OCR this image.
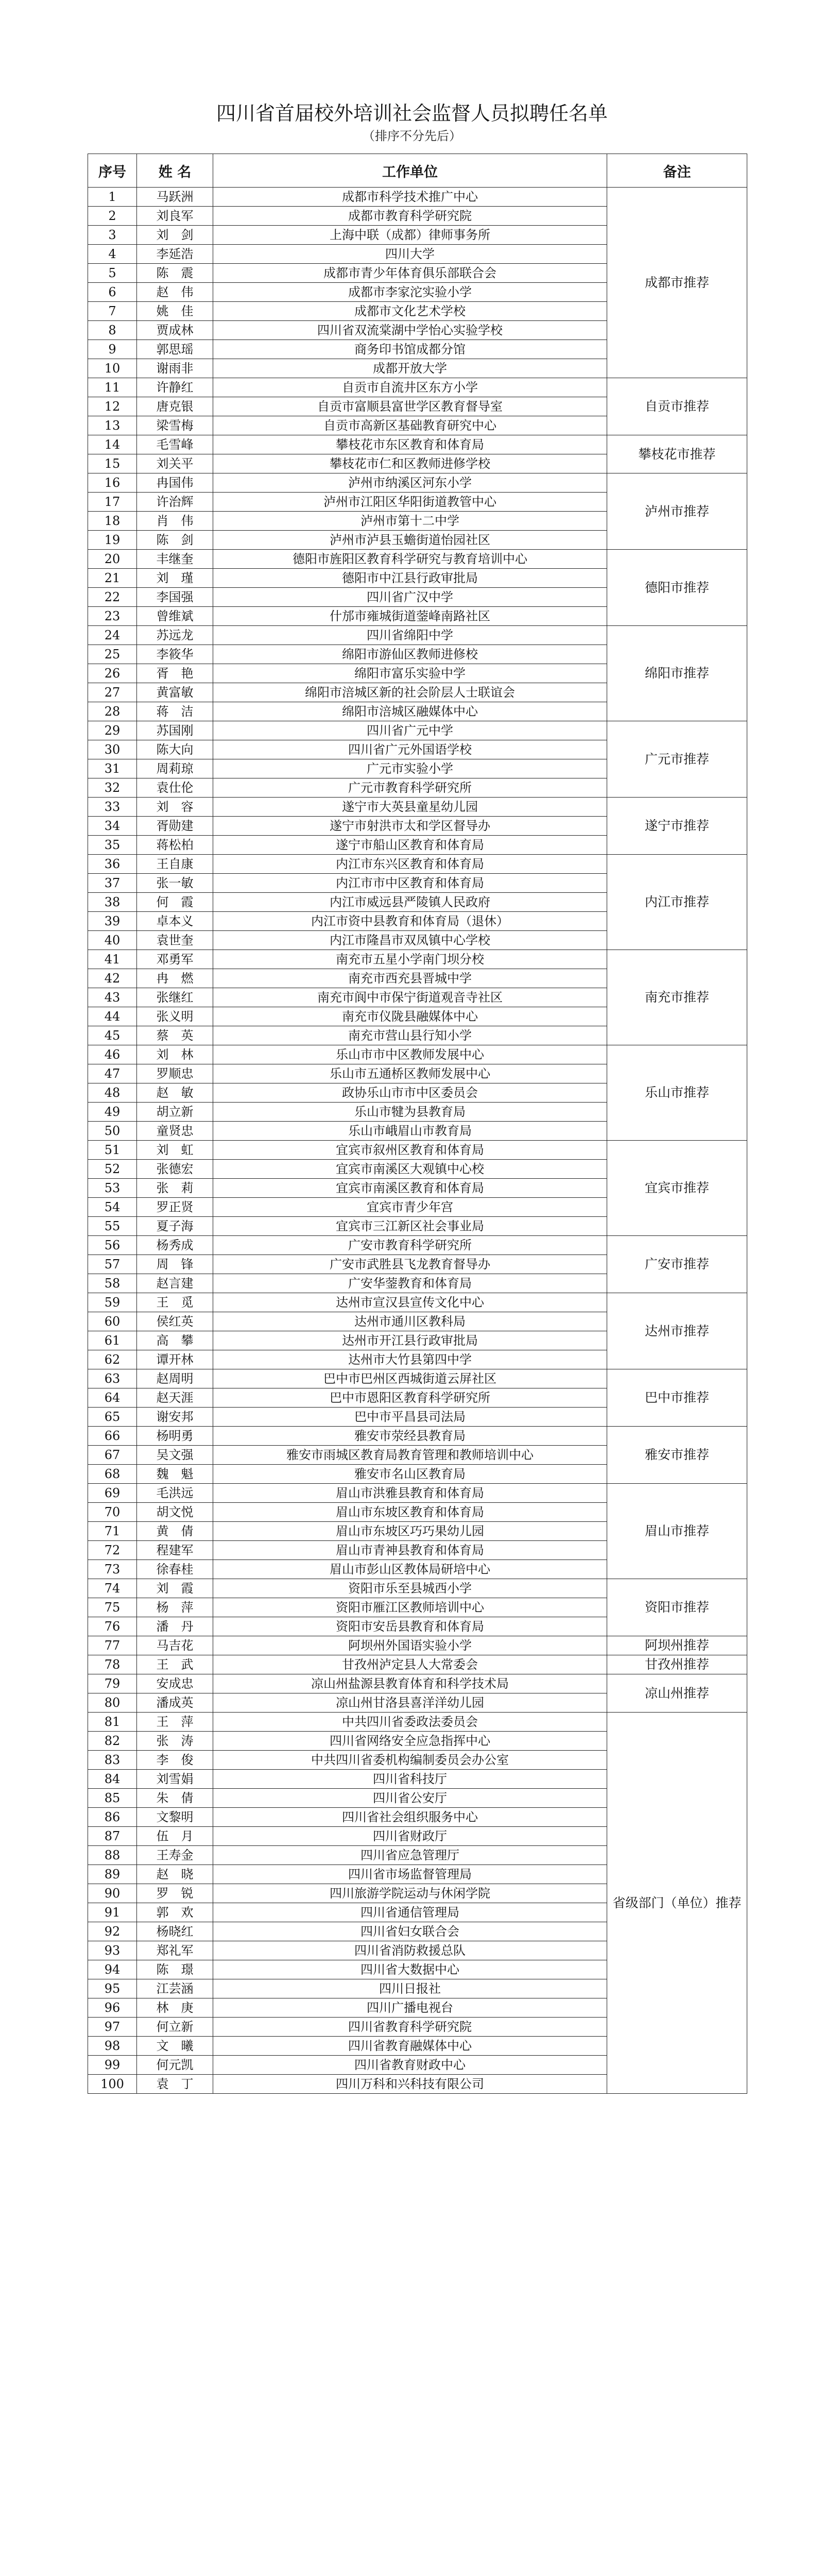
四川省首届校外培训社会监督人员拟聘任名单
（排序不分先后）
序号	姓 名	工作单位	备注
1	马跃洲	成都市科学技术推广中心	成都市推荐
2	刘良军	成都市教育科学研究院	
3	刘　剑	上海中联（成都）律师事务所	
4	李延浩	四川大学	
5	陈　震	成都市青少年体育俱乐部联合会	
6	赵　伟	成都市李家沱实验小学	
7	姚　佳	成都市文化艺术学校	
8	贾成林	四川省双流棠湖中学怡心实验学校	
9	郭思瑶	商务印书馆成都分馆	
10	谢雨非	成都开放大学	
11	许静红	自贡市自流井区东方小学	自贡市推荐
12	唐克银	自贡市富顺县富世学区教育督导室	
13	梁雪梅	自贡市高新区基础教育研究中心	
14	毛雪峰	攀枝花市东区教育和体育局	攀枝花市推荐
15	刘关平	攀枝花市仁和区教师进修学校	
16	冉国伟	泸州市纳溪区河东小学	泸州市推荐
17	许治辉	泸州市江阳区华阳街道教管中心	
18	肖　伟	泸州市第十二中学	
19	陈　剑	泸州市泸县玉蟾街道怡园社区	
20	丰继奎	德阳市旌阳区教育科学研究与教育培训中心	德阳市推荐
21	刘　瑾	德阳市中江县行政审批局	
22	李国强	四川省广汉中学	
23	曾维斌	什邡市雍城街道蓥峰南路社区	
24	苏远龙	四川省绵阳中学	绵阳市推荐
25	李筱华	绵阳市游仙区教师进修校	
26	胥　艳	绵阳市富乐实验中学	
27	黄富敏	绵阳市涪城区新的社会阶层人士联谊会	
28	蒋　洁	绵阳市涪城区融媒体中心	
29	苏国刚	四川省广元中学	广元市推荐
30	陈大向	四川省广元外国语学校	
31	周莉琼	广元市实验小学	
32	袁仕伦	广元市教育科学研究所	
33	刘　容	遂宁市大英县童星幼儿园	遂宁市推荐
34	胥勋建	遂宁市射洪市太和学区督导办	
35	蒋松柏	遂宁市船山区教育和体育局	
36	王自康	内江市东兴区教育和体育局	内江市推荐
37	张一敏	内江市市中区教育和体育局	
38	何　霞	内江市威远县严陵镇人民政府	
39	卓本义	内江市资中县教育和体育局（退休）	
40	袁世奎	内江市隆昌市双凤镇中心学校	
41	邓勇军	南充市五星小学南门坝分校	南充市推荐
42	冉　燃	南充市西充县晋城中学	
43	张继红	南充市阆中市保宁街道观音寺社区	
44	张义明	南充市仪陇县融媒体中心	
45	蔡　英	南充市营山县行知小学	
46	刘　林	乐山市市中区教师发展中心	乐山市推荐
47	罗顺忠	乐山市五通桥区教师发展中心	
48	赵　敏	政协乐山市市中区委员会	
49	胡立新	乐山市犍为县教育局	
50	童贤忠	乐山市峨眉山市教育局	
51	刘　虹	宜宾市叙州区教育和体育局	宜宾市推荐
52	张德宏	宜宾市南溪区大观镇中心校	
53	张　莉	宜宾市南溪区教育和体育局	
54	罗正贤	宜宾市青少年宫	
55	夏子海	宜宾市三江新区社会事业局	
56	杨秀成	广安市教育科学研究所	广安市推荐
57	周　锋	广安市武胜县飞龙教育督导办	
58	赵言建	广安华蓥教育和体育局	
59	王　觅	达州市宣汉县宣传文化中心	达州市推荐
60	侯红英	达州市通川区教科局	
61	高　攀	达州市开江县行政审批局	
62	谭开林	达州市大竹县第四中学	
63	赵周明	巴中市巴州区西城街道云屏社区	巴中市推荐
64	赵天涯	巴中市恩阳区教育科学研究所	
65	谢安邦	巴中市平昌县司法局	
66	杨明勇	雅安市荥经县教育局	雅安市推荐
67	吴文强	雅安市雨城区教育局教育管理和教师培训中心	
68	魏　魁	雅安市名山区教育局	
69	毛洪远	眉山市洪雅县教育和体育局	眉山市推荐
70	胡文悦	眉山市东坡区教育和体育局	
71	黄　倩	眉山市东坡区巧巧果幼儿园	
72	程建军	眉山市青神县教育和体育局	
73	徐春桂	眉山市彭山区教体局研培中心	
74	刘　霞	资阳市乐至县城西小学	资阳市推荐
75	杨　萍	资阳市雁江区教师培训中心	
76	潘　丹	资阳市安岳县教育和体育局	
77	马吉花	阿坝州外国语实验小学	阿坝州推荐
78	王　武	甘孜州泸定县人大常委会	甘孜州推荐
79	安成忠	凉山州盐源县教育体育和科学技术局	凉山州推荐
80	潘成英	凉山州甘洛县喜洋洋幼儿园	
81	王　萍	中共四川省委政法委员会	省级部门（单位）推荐
82	张　涛	四川省网络安全应急指挥中心	
83	李　俊	中共四川省委机构编制委员会办公室	
84	刘雪娟	四川省科技厅	
85	朱　倩	四川省公安厅	
86	文黎明	四川省社会组织服务中心	
87	伍　月	四川省财政厅	
88	王寿金	四川省应急管理厅	
89	赵　晓	四川省市场监督管理局	
90	罗　锐	四川旅游学院运动与休闲学院	
91	郭　欢	四川省通信管理局	
92	杨晓红	四川省妇女联合会	
93	郑礼军	四川省消防救援总队	
94	陈　璟	四川省大数据中心	
95	江芸涵	四川日报社	
96	林　庚	四川广播电视台	
97	何立新	四川省教育科学研究院	
98	文　曦	四川省教育融媒体中心	
99	何元凯	四川省教育财政中心	
100	袁　丁	四川万科和兴科技有限公司	
